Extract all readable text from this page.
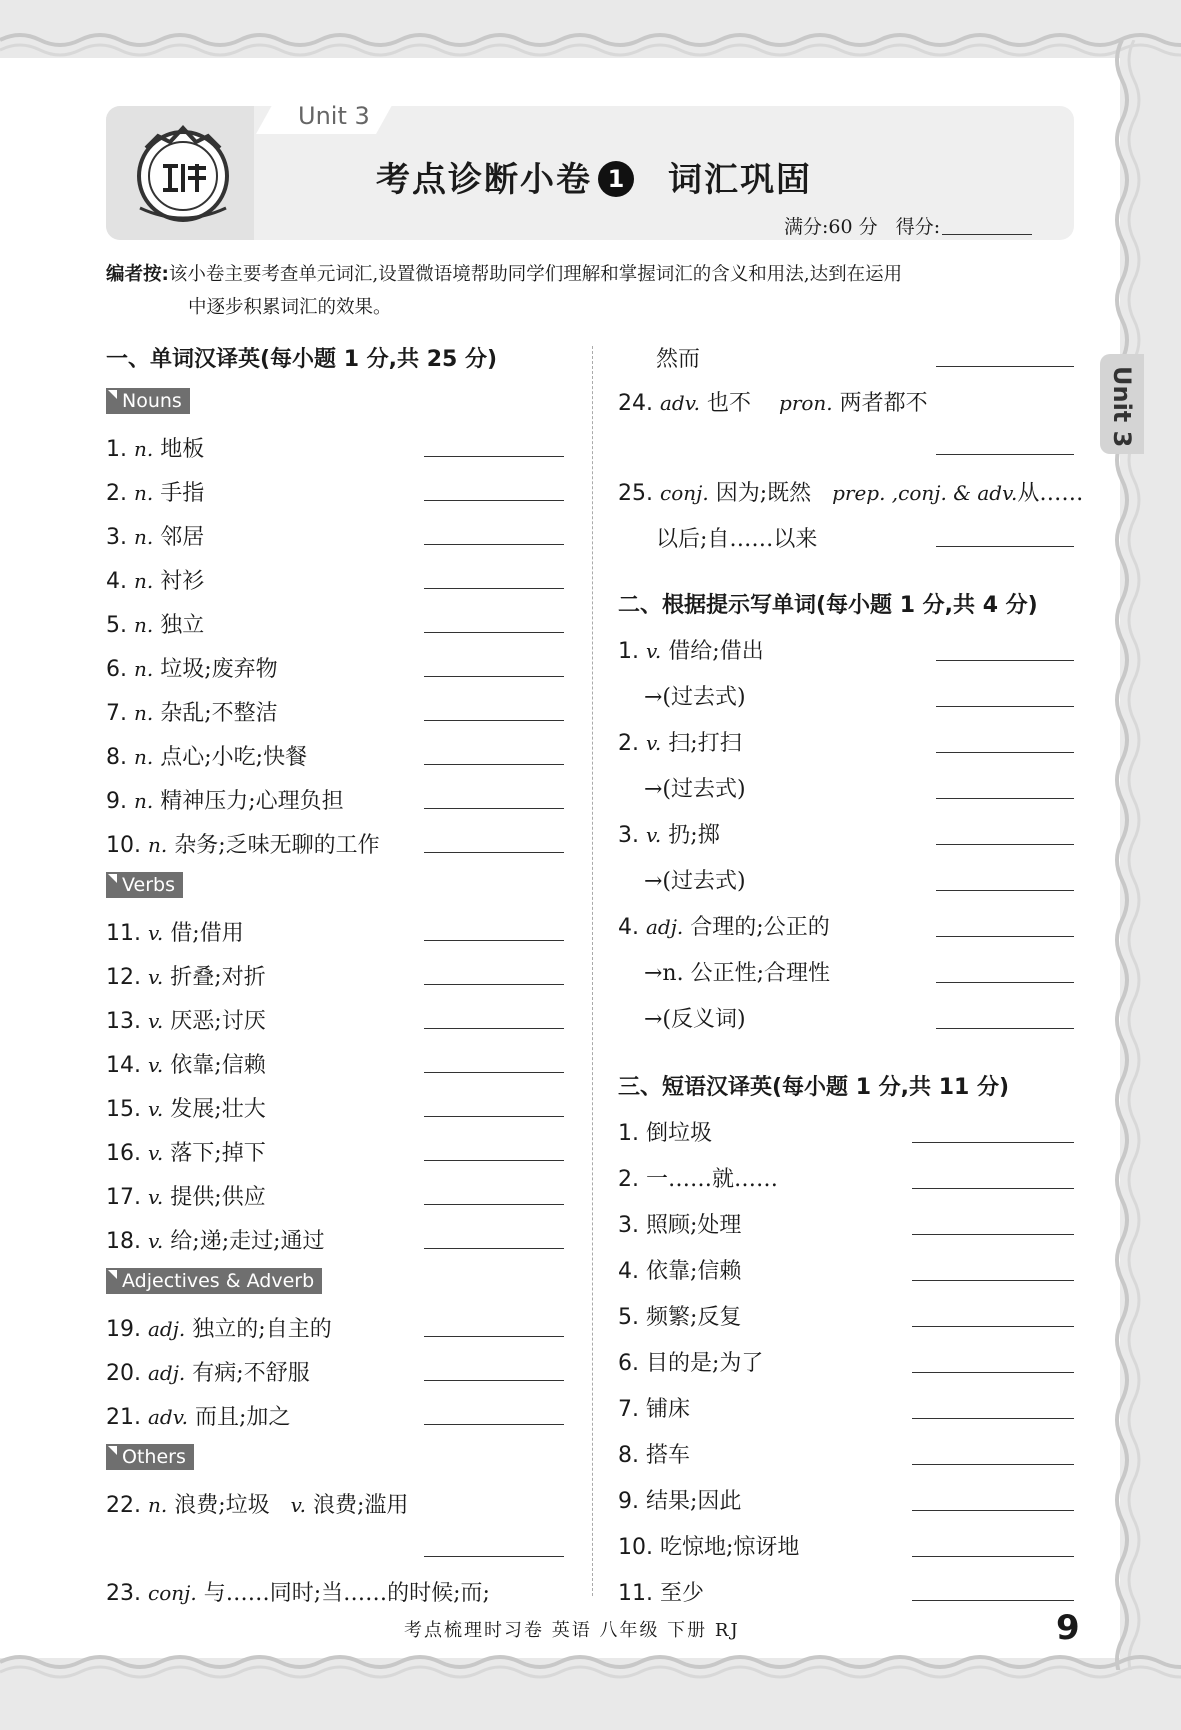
Unit 3
考点诊断小卷 1 词汇巩固
满分:60 分 得分:
编者按:该小卷主要考查单元词汇,设置微语境帮助同学们理解和掌握词汇的含义和用法,达到在运用
中逐步积累词汇的效果。
Unit 3
一、单词汉译英(每小题 1 分,共 25 分)
Nouns
1. n. 地板
2. n. 手指
3. n. 邻居
4. n. 衬衫
5. n. 独立
6. n. 垃圾;废弃物
7. n. 杂乱;不整洁
8. n. 点心;小吃;快餐
9. n. 精神压力;心理负担
10. n. 杂务;乏味无聊的工作
Verbs
11. v. 借;借用
12. v. 折叠;对折
13. v. 厌恶;讨厌
14. v. 依靠;信赖
15. v. 发展;壮大
16. v. 落下;掉下
17. v. 提供;供应
18. v. 给;递;走过;通过
Adjectives & Adverb
19. adj. 独立的;自主的
20. adj. 有病;不舒服
21. adv. 而且;加之
Others
22. n. 浪费;垃圾 v. 浪费;滥用
23. conj. 与……同时;当……的时候;而;
然而
24. adv. 也不 pron. 两者都不
25. conj. 因为;既然 prep. ,conj. & adv.从……
以后;自……以来
二、根据提示写单词(每小题 1 分,共 4 分)
1. v. 借给;借出
→(过去式)
2. v. 扫;打扫
→(过去式)
3. v. 扔;掷
→(过去式)
4. adj. 合理的;公正的
→n. 公正性;合理性
→(反义词)
三、短语汉译英(每小题 1 分,共 11 分)
1. 倒垃圾
2. 一……就……
3. 照顾;处理
4. 依靠;信赖
5. 频繁;反复
6. 目的是;为了
7. 铺床
8. 搭车
9. 结果;因此
10. 吃惊地;惊讶地
11. 至少
考点梳理时习卷 英语 八年级 下册 RJ	9
